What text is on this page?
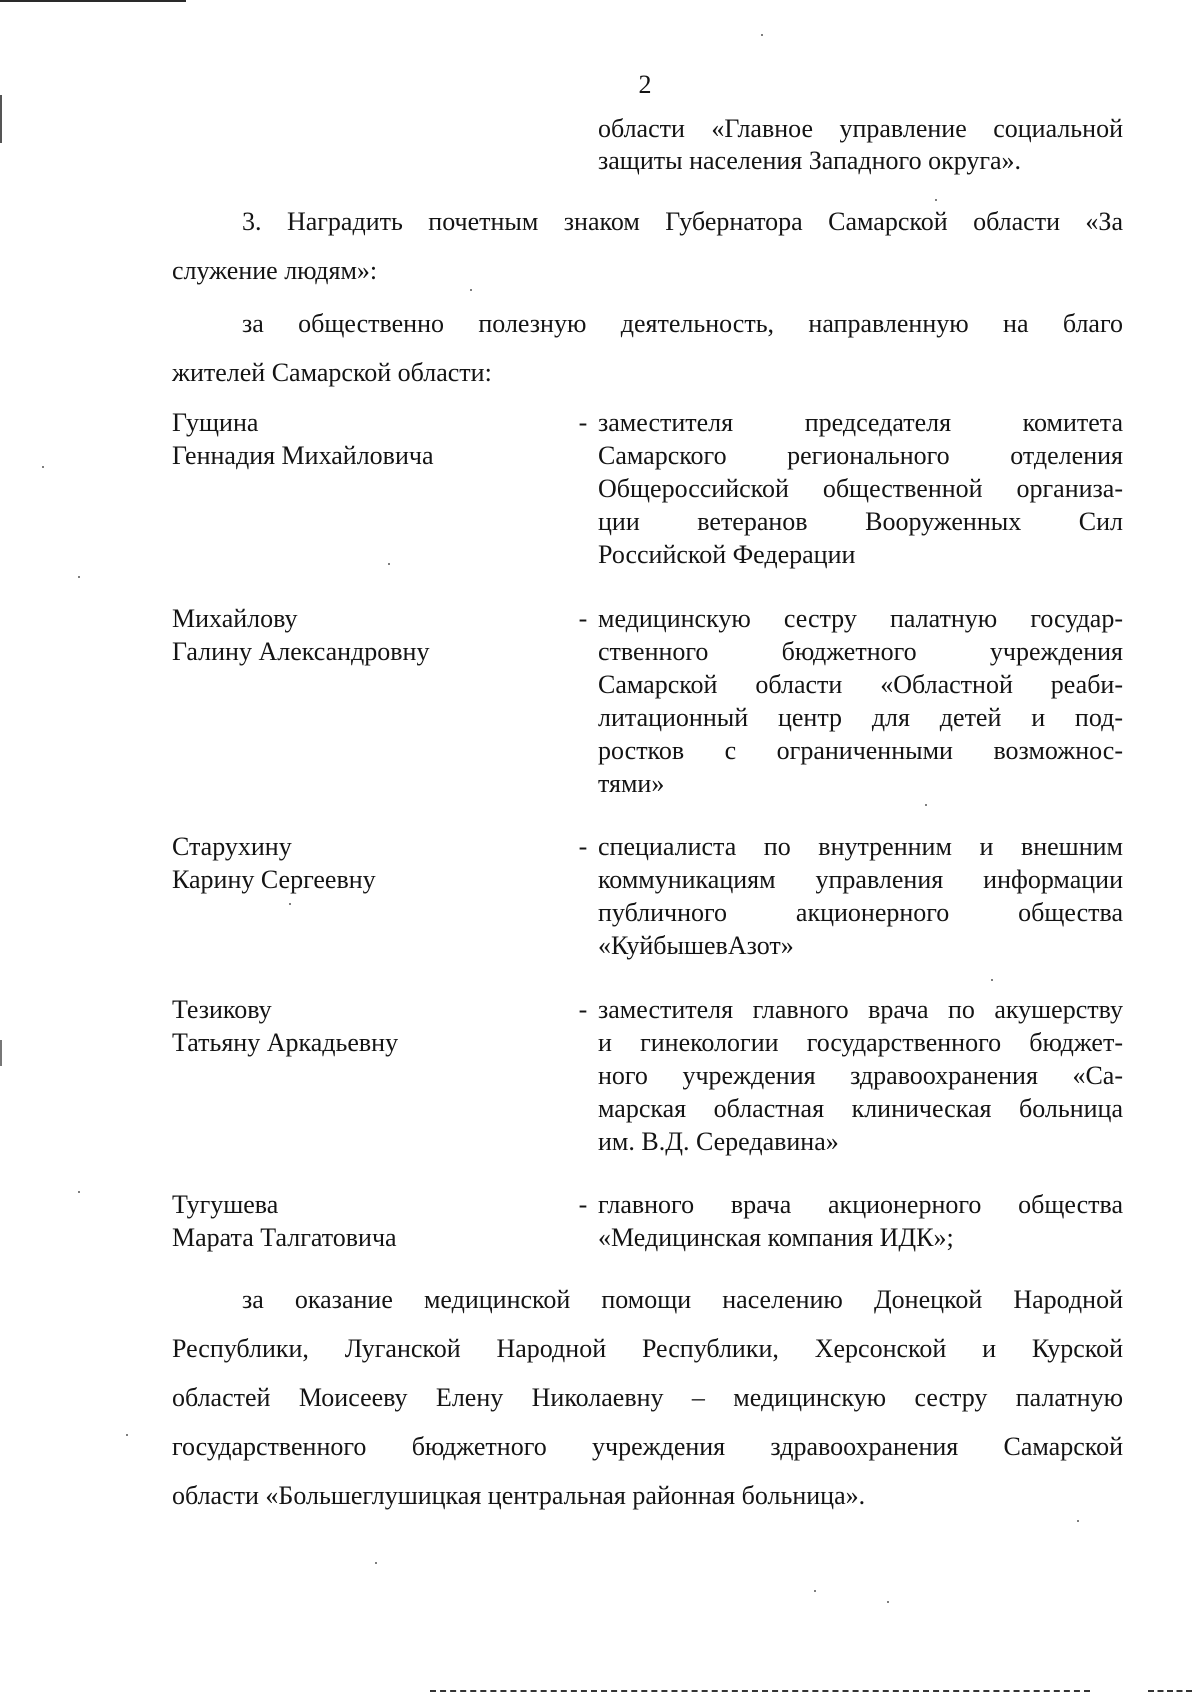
2
области «Главное управление социальной
защиты населения Западного округа».
3. Наградить почетным знаком Губернатора Самарской области «За
служение людям»:
за общественно полезную деятельность, направленную на благо
жителей Самарской области:
Гущина
Геннадия Михайловича
- заместителя председателя комитета
Самарского регионального отделения
Общероссийской общественной организа-
ции ветеранов Вооруженных Сил
Российской Федерации
Михайлову
Галину Александровну
- медицинскую сестру палатную государ-
ственного бюджетного учреждения
Самарской области «Областной реаби-
литационный центр для детей и под-
ростков с ограниченными возможнос-
тями»
Старухину
Карину Сергеевну
- специалиста по внутренним и внешним
коммуникациям управления информации
публичного акционерного общества
«КуйбышевАзот»
Тезикову
Татьяну Аркадьевну
- заместителя главного врача по акушерству
и гинекологии государственного бюджет-
ного учреждения здравоохранения «Са-
марская областная клиническая больница
им. В.Д. Середавина»
Тугушева
Марата Талгатовича
- главного врача акционерного общества
«Медицинская компания ИДК»;
за оказание медицинской помощи населению Донецкой Народной
Республики, Луганской Народной Республики, Херсонской и Курской
областей Моисееву Елену Николаевну – медицинскую сестру палатную
государственного бюджетного учреждения здравоохранения Самарской
области «Большеглушицкая центральная районная больница».
